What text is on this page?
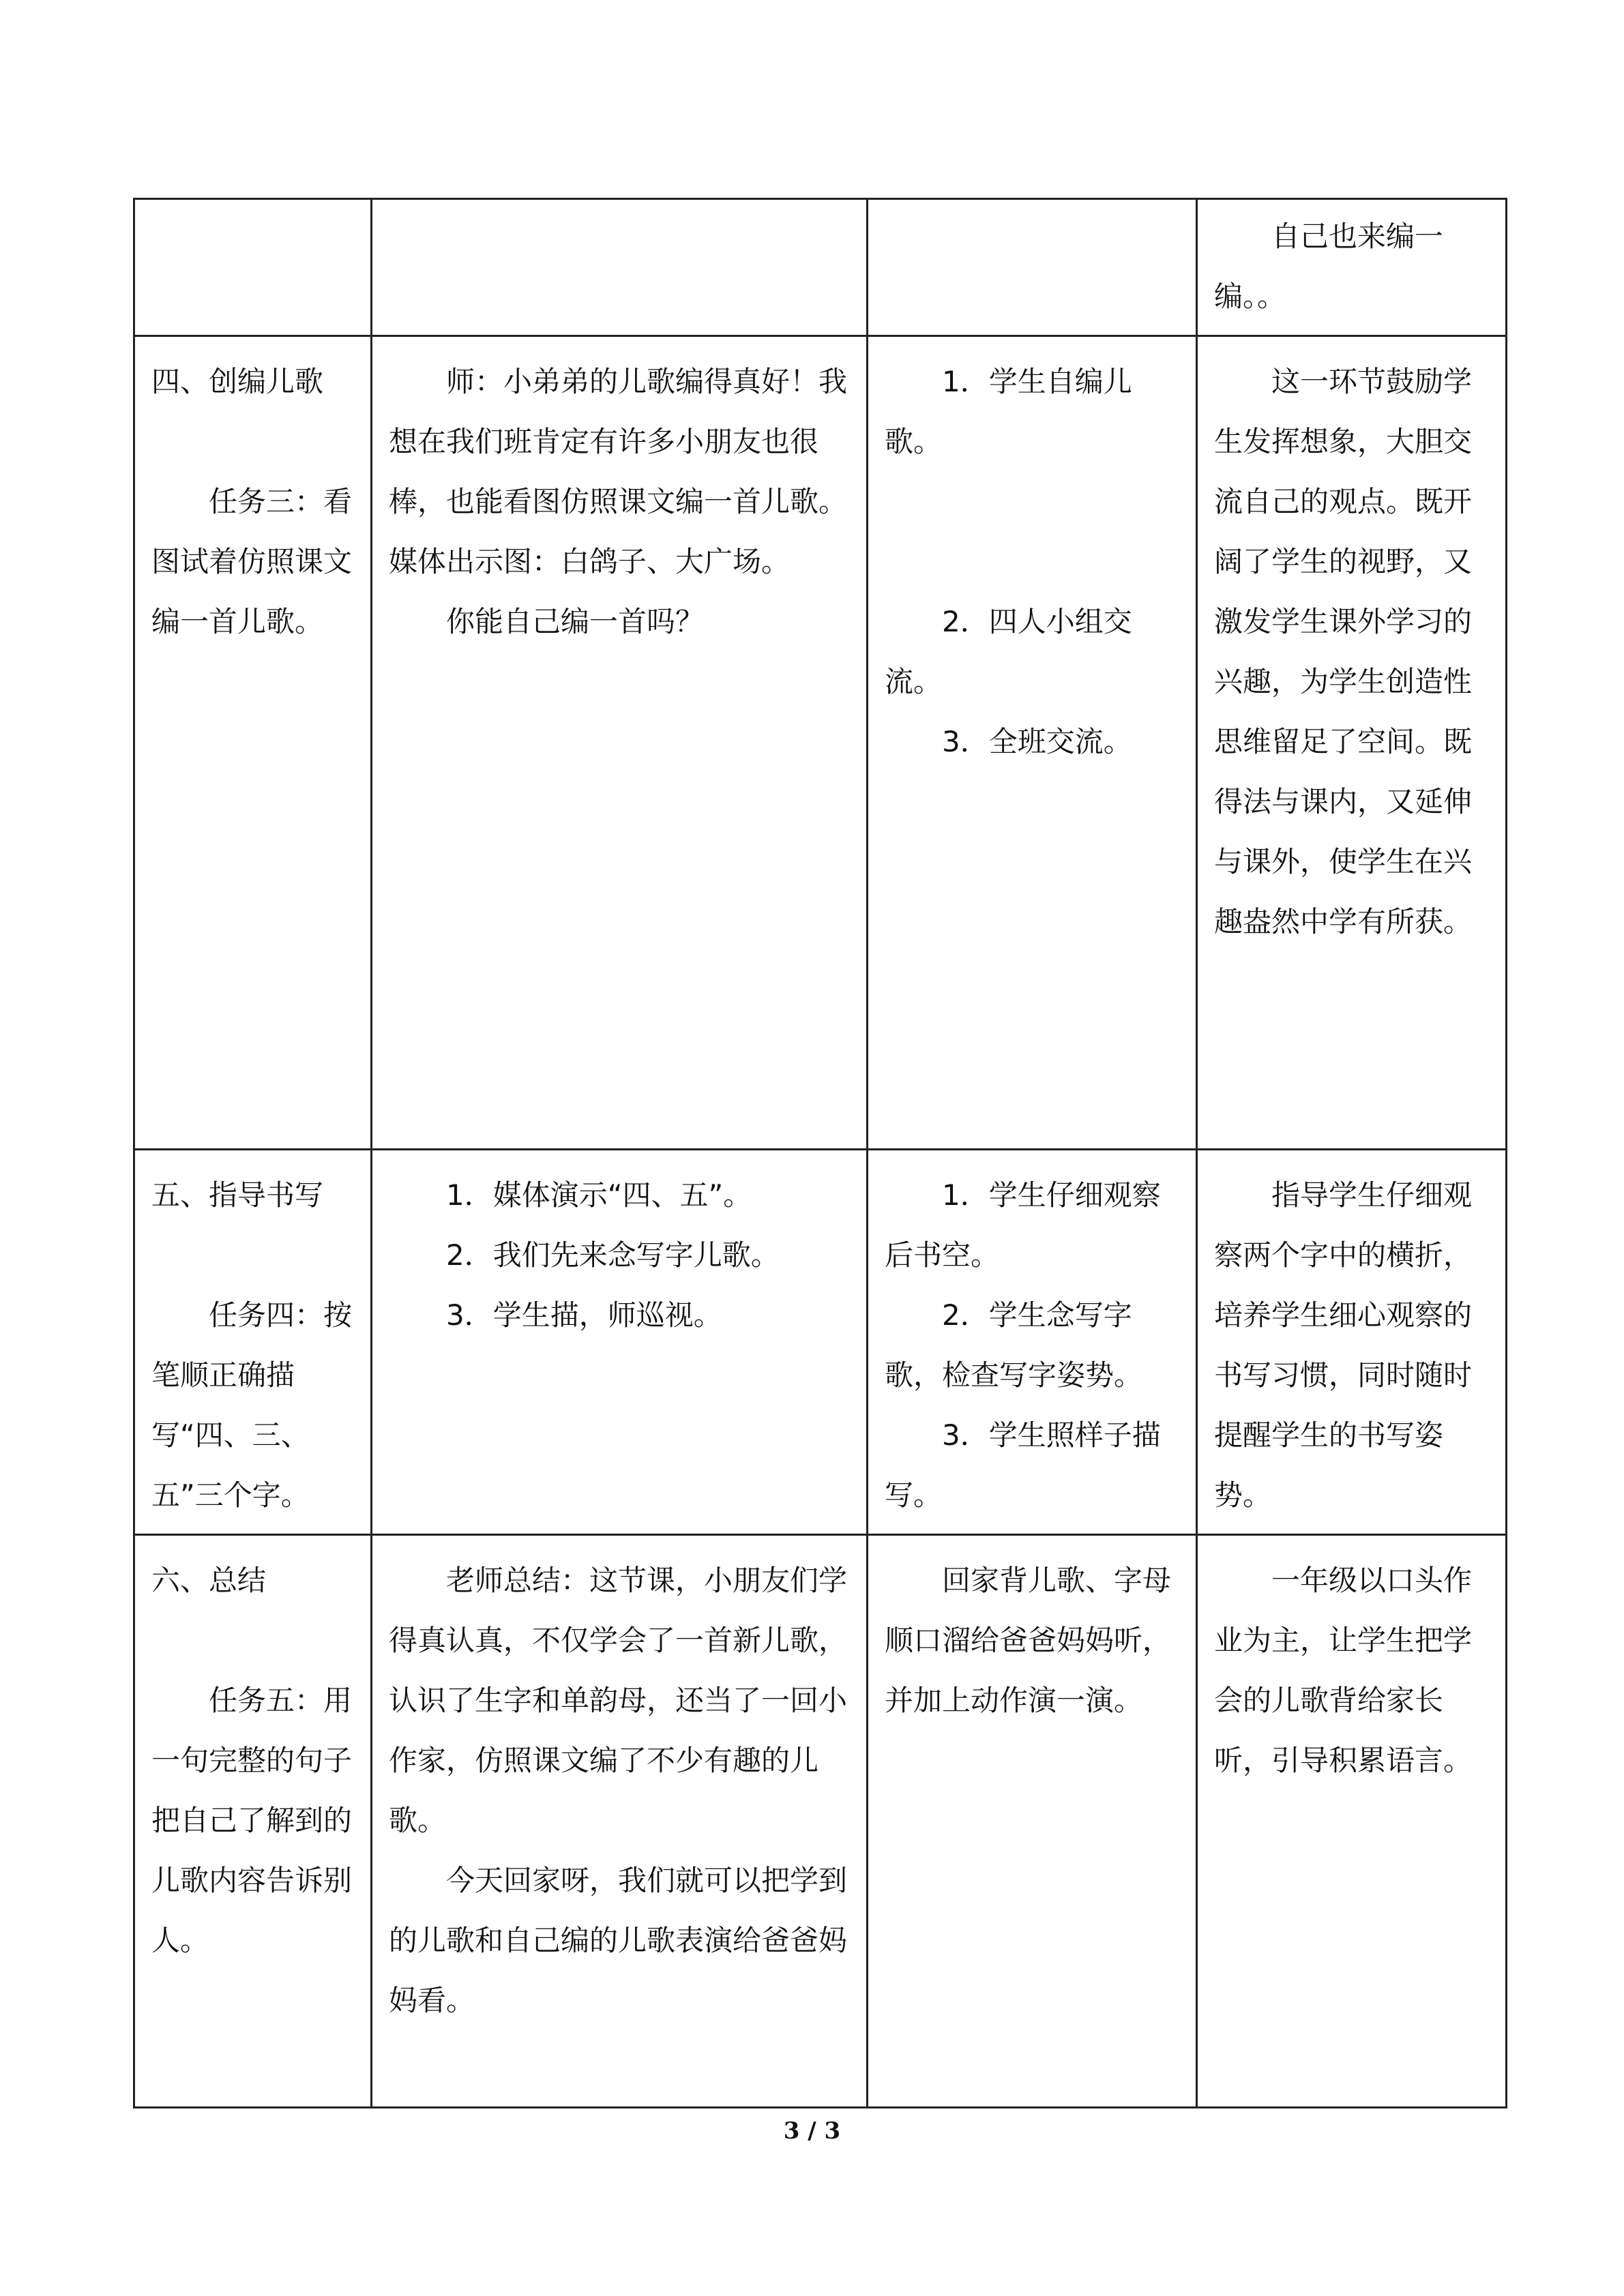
			自己也来编一编。。

四、创编儿歌
任务三：看图试着仿照课文编一首儿歌。	师：小弟弟的儿歌编得真好！我想在我们班肯定有许多小朋友也很棒，也能看图仿照课文编一首儿歌。媒体出示图：白鸽子、大广场。
你能自己编一首吗？	1．学生自编儿歌。
2．四人小组交流。
3．全班交流。	这一环节鼓励学生发挥想象，大胆交流自己的观点。既开阔了学生的视野，又激发学生课外学习的兴趣，为学生创造性思维留足了空间。既得法与课内，又延伸与课外，使学生在兴趣盎然中学有所获。

五、指导书写
任务四：按笔顺正确描写“四、三、五”三个字。	1．媒体演示“四、五”。
2．我们先来念写字儿歌。
3．学生描，师巡视。	1．学生仔细观察后书空。
2．学生念写字歌，检查写字姿势。
3．学生照样子描写。	指导学生仔细观察两个字中的横折，培养学生细心观察的书写习惯，同时随时提醒学生的书写姿势。

六、总结
任务五：用一句完整的句子把自己了解到的儿歌内容告诉别人。	老师总结：这节课，小朋友们学得真认真，不仅学会了一首新儿歌，认识了生字和单韵母，还当了一回小作家，仿照课文编了不少有趣的儿歌。
今天回家呀，我们就可以把学到的儿歌和自己编的儿歌表演给爸爸妈妈看。	回家背儿歌、字母顺口溜给爸爸妈妈听，并加上动作演一演。	一年级以口头作业为主，让学生把学会的儿歌背给家长听，引导积累语言。
3 / 3
